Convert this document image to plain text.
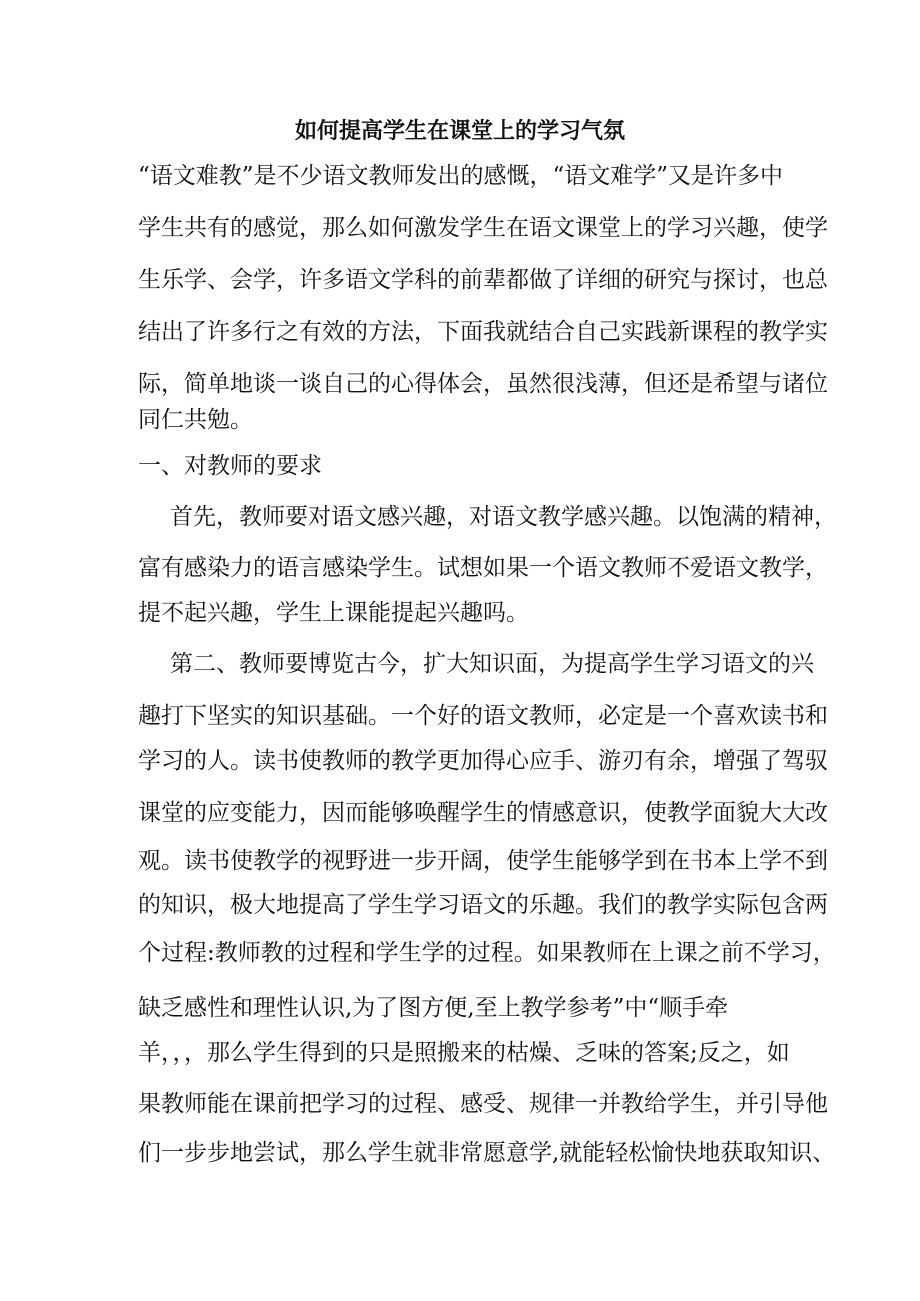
如何提高学生在课堂上的学习气氛

“语文难教”是不少语文教师发出的感慨，“语文难学”又是许多中

学生共有的感觉，那么如何激发学生在语文课堂上的学习兴趣，使学

生乐学、会学，许多语文学科的前辈都做了详细的研究与探讨，也总

结出了许多行之有效的方法，下面我就结合自己实践新课程的教学实

际，简单地谈一谈自己的心得体会，虽然很浅薄，但还是希望与诸位

同仁共勉。

一、对教师的要求

首先，教师要对语文感兴趣，对语文教学感兴趣。以饱满的精神，

富有感染力的语言感染学生。试想如果一个语文教师不爱语文教学，

提不起兴趣，学生上课能提起兴趣吗。

第二、教师要博览古今，扩大知识面，为提高学生学习语文的兴

趣打下坚实的知识基础。一个好的语文教师，必定是一个喜欢读书和

学习的人。读书使教师的教学更加得心应手、游刃有余，增强了驾驭

课堂的应变能力，因而能够唤醒学生的情感意识，使教学面貌大大改

观。读书使教学的视野进一步开阔，使学生能够学到在书本上学不到

的知识，极大地提高了学生学习语文的乐趣。我们的教学实际包含两

个过程:教师教的过程和学生学的过程。如果教师在上课之前不学习，

缺乏感性和理性认识,为了图方便,至上教学参考”中“顺手牵

羊，，，那么学生得到的只是照搬来的枯燥、乏味的答案;反之，如

果教师能在课前把学习的过程、感受、规律一并教给学生，并引导他

们一步步地尝试，那么学生就非常愿意学,就能轻松愉快地获取知识、
